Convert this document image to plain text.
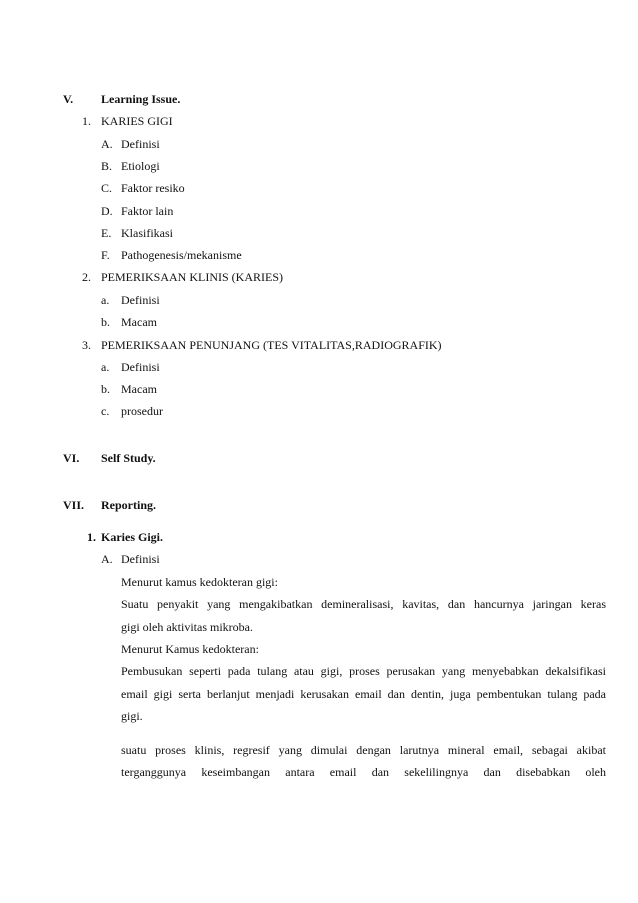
V. Learning Issue.
1. KARIES GIGI
A. Definisi
B. Etiologi
C. Faktor resiko
D. Faktor lain
E. Klasifikasi
F. Pathogenesis/mekanisme
2. PEMERIKSAAN KLINIS (KARIES)
a. Definisi
b. Macam
3. PEMERIKSAAN PENUNJANG (TES VITALITAS,RADIOGRAFIK)
a. Definisi
b. Macam
c. prosedur
VI. Self Study.
VII. Reporting.
1. Karies Gigi.
A. Definisi
Menurut kamus kedokteran gigi:
Suatu penyakit yang mengakibatkan demineralisasi, kavitas, dan hancurnya jaringan keras
gigi oleh aktivitas mikroba.
Menurut Kamus kedokteran:
Pembusukan seperti pada tulang atau gigi, proses perusakan yang menyebabkan dekalsifikasi
email gigi serta berlanjut menjadi kerusakan email dan dentin, juga pembentukan tulang pada
gigi.
suatu proses klinis, regresif yang dimulai dengan larutnya mineral email, sebagai akibat
terganggunya keseimbangan antara email dan sekelilingnya dan disebabkan oleh
